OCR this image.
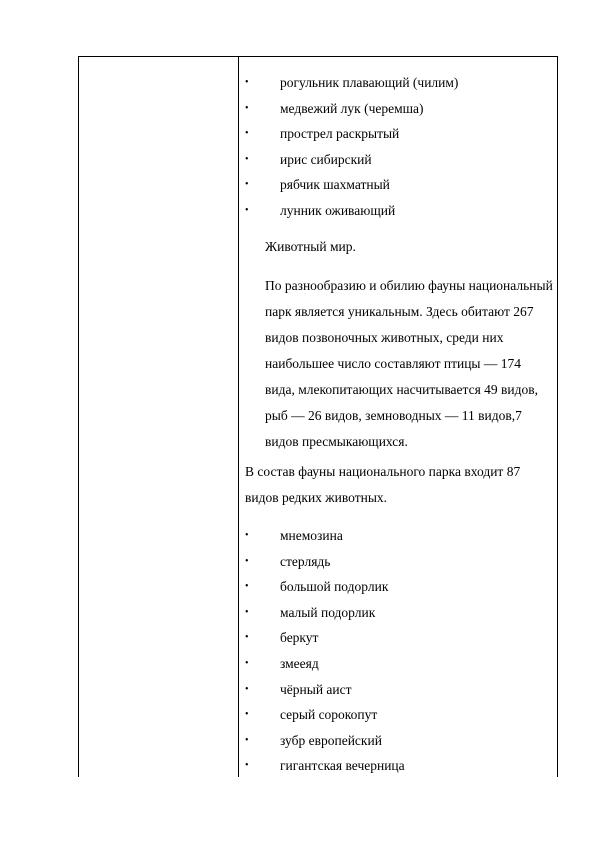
• рогульник плавающий (чилим)
• медвежий лук (черемша)
• прострел раскрытый
• ирис сибирский
• рябчик шахматный
• лунник оживающий
Животный мир.
По разнообразию и обилию фауны национальный
парк является уникальным. Здесь обитают 267
видов позвоночных животных, среди них
наибольшее число составляют птицы — 174
вида, млекопитающих насчитывается 49 видов,
рыб — 26 видов, земноводных — 11 видов,7
видов пресмыкающихся.
В состав фауны национального парка входит 87
видов редких животных.
• мнемозина
• стерлядь
• большой подорлик
• малый подорлик
• беркут
• змееяд
• чёрный аист
• серый сорокопут
• зубр европейский
• гигантская вечерница
